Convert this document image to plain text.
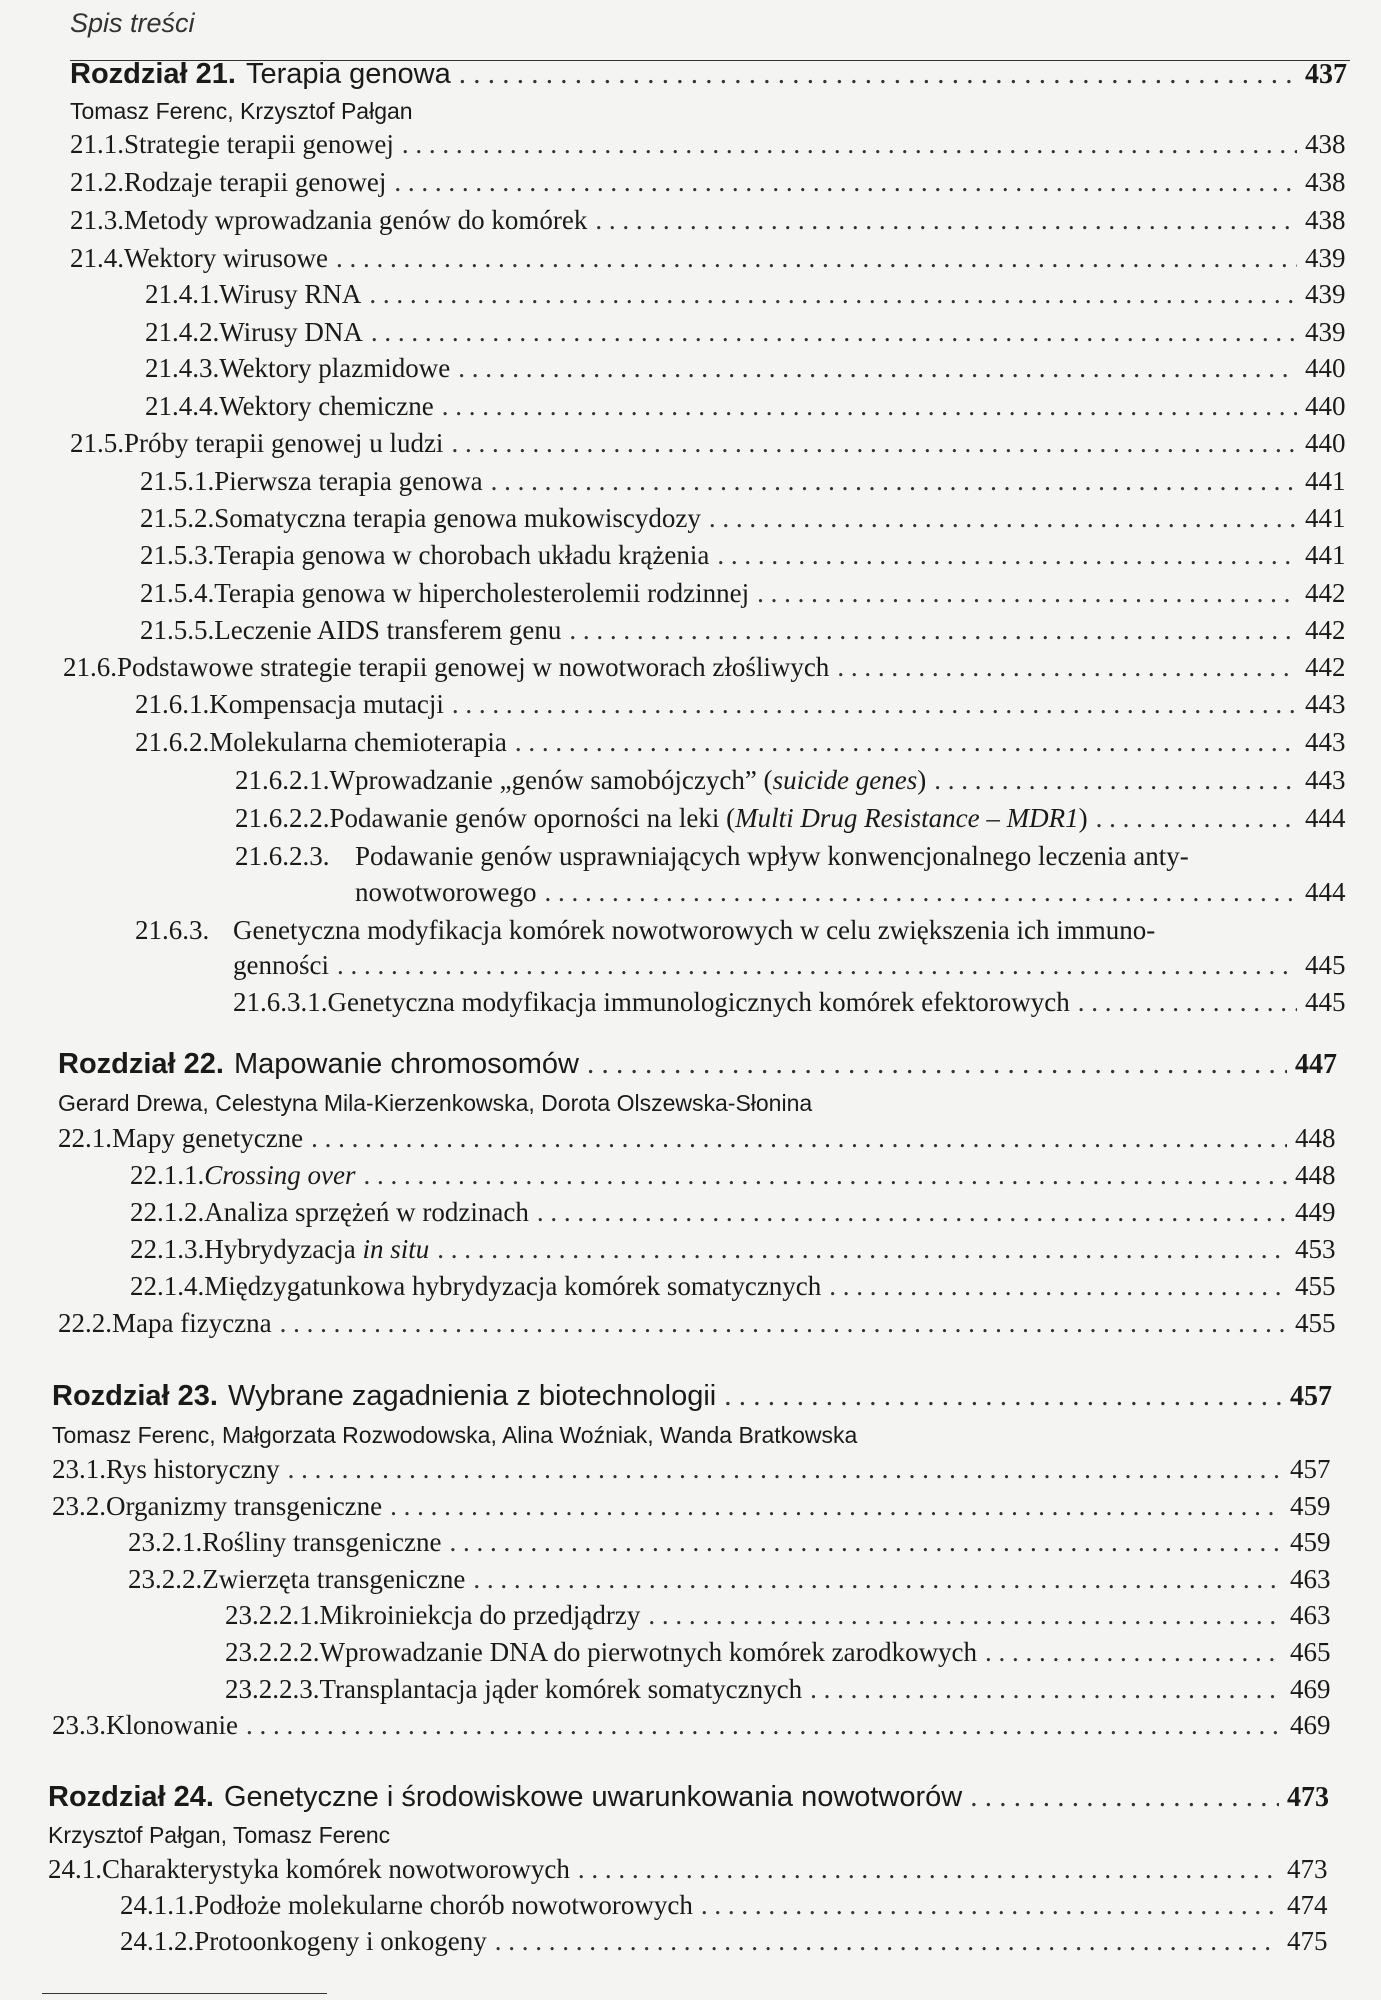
Spis treści
Rozdział 21. Terapia genowa . . .	437
Tomasz Ferenc, Krzysztof Pałgan
21.1. Strategie terapii genowej . . .	438
21.2. Rodzaje terapii genowej . . .	438
21.3. Metody wprowadzania genów do komórek . . .	438
21.4. Wektory wirusowe . . .	439
21.4.1. Wirusy RNA . . .	439
21.4.2. Wirusy DNA . . .	439
21.4.3. Wektory plazmidowe . . .	440
21.4.4. Wektory chemiczne . . .	440
21.5. Próby terapii genowej u ludzi . . .	440
21.5.1. Pierwsza terapia genowa . . .	441
21.5.2. Somatyczna terapia genowa mukowiscydozy . . .	441
21.5.3. Terapia genowa w chorobach układu krążenia . . .	441
21.5.4. Terapia genowa w hipercholesterolemii rodzinnej . . .	442
21.5.5. Leczenie AIDS transferem genu . . .	442
21.6. Podstawowe strategie terapii genowej w nowotworach złośliwych . . .	442
21.6.1. Kompensacja mutacji . . .	443
21.6.2. Molekularna chemioterapia . . .	443
21.6.2.1. Wprowadzanie „genów samobójczych” (suicide genes) . . .	443
21.6.2.2. Podawanie genów oporności na leki (Multi Drug Resistance – MDR1) . . .	444
21.6.2.3. Podawanie genów usprawniających wpływ konwencjonalnego leczenia anty-
nowotworowego . . .	444
21.6.3. Genetyczna modyfikacja komórek nowotworowych w celu zwiększenia ich immuno-
genności . . .	445
21.6.3.1. Genetyczna modyfikacja immunologicznych komórek efektorowych . . .	445
Rozdział 22. Mapowanie chromosomów . . .	447
Gerard Drewa, Celestyna Mila-Kierzenkowska, Dorota Olszewska-Słonina
22.1. Mapy genetyczne . . .	448
22.1.1. Crossing over . . .	448
22.1.2. Analiza sprzężeń w rodzinach . . .	449
22.1.3. Hybrydyzacja in situ . . .	453
22.1.4. Międzygatunkowa hybrydyzacja komórek somatycznych . . .	455
22.2. Mapa fizyczna . . .	455
Rozdział 23. Wybrane zagadnienia z biotechnologii . . .	457
Tomasz Ferenc, Małgorzata Rozwodowska, Alina Woźniak, Wanda Bratkowska
23.1. Rys historyczny . . .	457
23.2. Organizmy transgeniczne . . .	459
23.2.1. Rośliny transgeniczne . . .	459
23.2.2. Zwierzęta transgeniczne . . .	463
23.2.2.1. Mikroiniekcja do przedjądrzy . . .	463
23.2.2.2. Wprowadzanie DNA do pierwotnych komórek zarodkowych . . .	465
23.2.2.3. Transplantacja jąder komórek somatycznych . . .	469
23.3. Klonowanie . . .	469
Rozdział 24. Genetyczne i środowiskowe uwarunkowania nowotworów . . .	473
Krzysztof Pałgan, Tomasz Ferenc
24.1. Charakterystyka komórek nowotworowych . . .	473
24.1.1. Podłoże molekularne chorób nowotworowych . . .	474
24.1.2. Protoonkogeny i onkogeny . . .	475
